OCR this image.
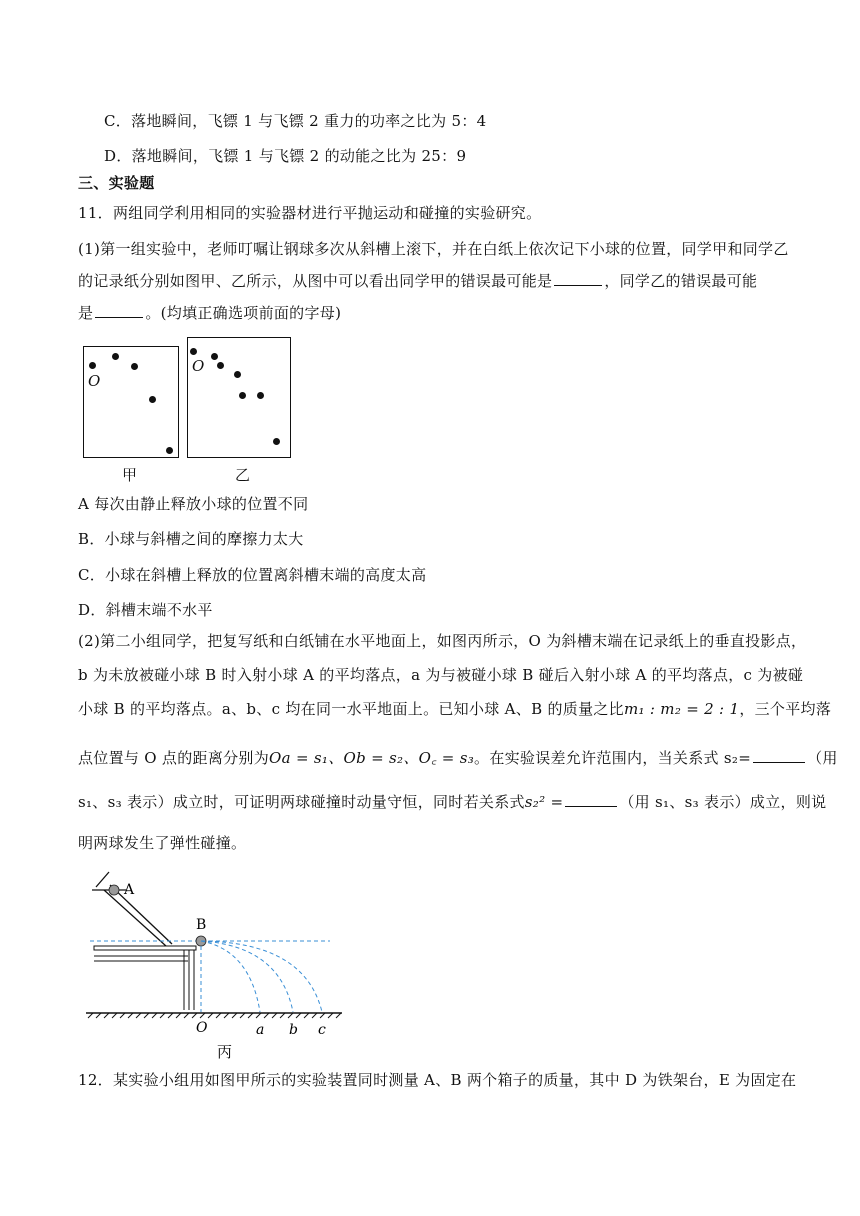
C．落地瞬间，飞镖 1 与飞镖 2 重力的功率之比为 5：4
D．落地瞬间，飞镖 1 与飞镖 2 的动能之比为 25：9
三、实验题
11．两组同学利用相同的实验器材进行平抛运动和碰撞的实验研究。
(1)第一组实验中，老师叮嘱让钢球多次从斜槽上滚下，并在白纸上依次记下小球的位置，同学甲和同学乙
的记录纸分别如图甲、乙所示，从图中可以看出同学甲的错误最可能是	，同学乙的错误最可能
是	。(均填正确选项前面的字母)
O
甲
O
乙
A 每次由静止释放小球的位置不同
B．小球与斜槽之间的摩擦力太大
C．小球在斜槽上释放的位置离斜槽末端的高度太高
D．斜槽末端不水平
(2)第二小组同学，把复写纸和白纸铺在水平地面上，如图丙所示，O 为斜槽末端在记录纸上的垂直投影点，
b 为未放被碰小球 B 时入射小球 A 的平均落点，a 为与被碰小球 B 碰后入射小球 A 的平均落点，c 为被碰
小球 B 的平均落点。a、b、c 均在同一水平地面上。已知小球 A、B 的质量之比m₁ : m₂ = 2 : 1，三个平均落
点位置与 O 点的距离分别为Oa = s₁、Ob = s₂、O꜀ = s₃。在实验误差允许范围内，当关系式 s₂=	（用
s₁、s₃ 表示）成立时，可证明两球碰撞时动量守恒，同时若关系式s₂² =	（用 s₁、s₃ 表示）成立，则说
明两球发生了弹性碰撞。
A
B
O	a b c
丙
12．某实验小组用如图甲所示的实验装置同时测量 A、B 两个箱子的质量，其中 D 为铁架台，E 为固定在
